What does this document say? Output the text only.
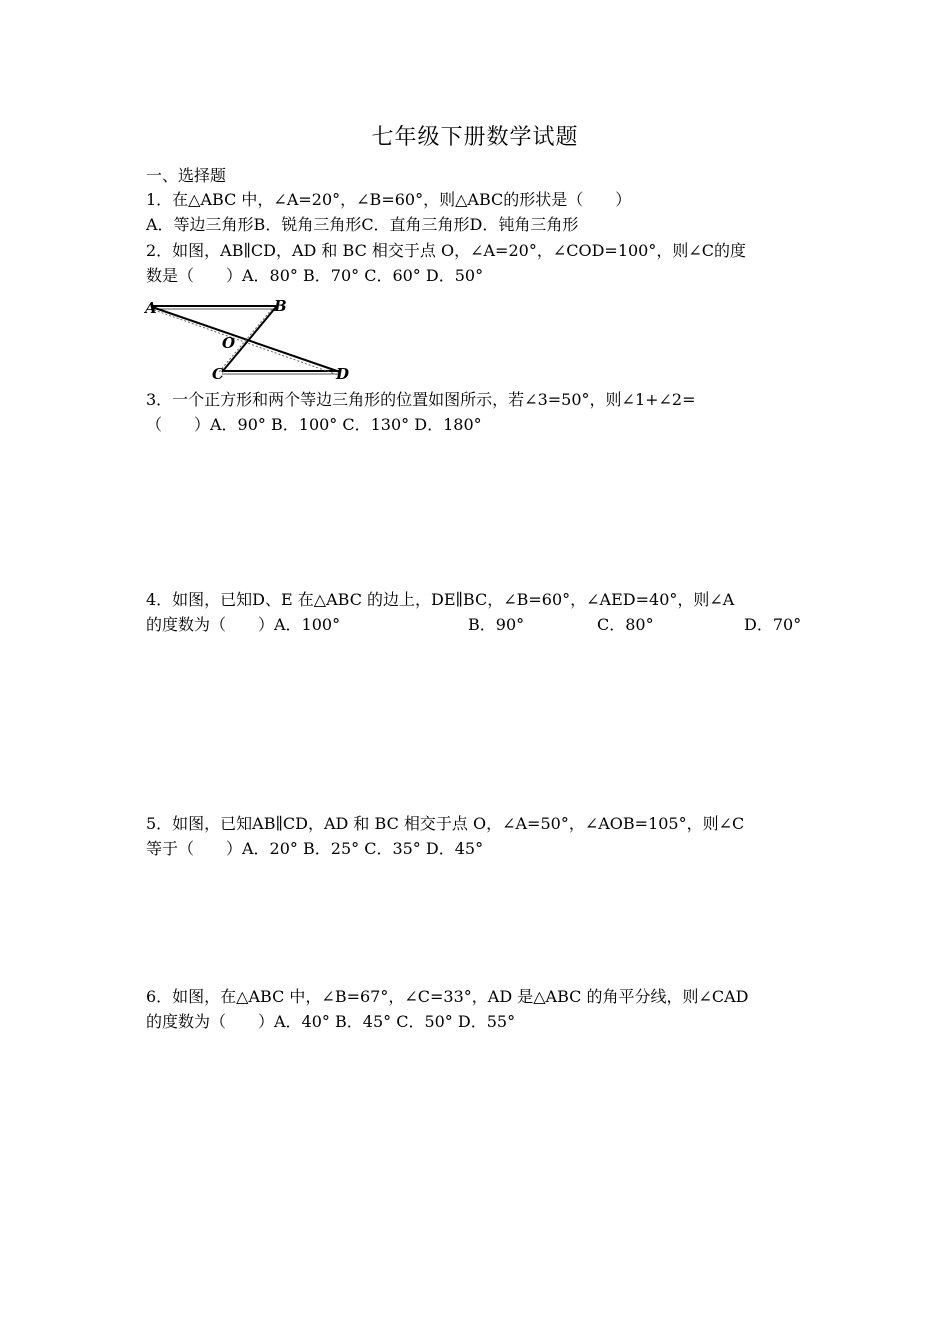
七年级下册数学试题
一、选择题
1．在△ABC 中，∠A=20°，∠B=60°，则△ABC的形状是（　　）
A．等边三角形B．锐角三角形C．直角三角形D．钝角三角形
2．如图，AB∥CD，AD 和 BC 相交于点 O，∠A=20°，∠COD=100°，则∠C的度
数是（　　）A．80° B．70° C．60° D．50°
A	B
O
C	D
3．一个正方形和两个等边三角形的位置如图所示，若∠3=50°，则∠1+∠2=
（　　）A．90° B．100° C．130° D．180°
4．如图，已知D、E 在△ABC 的边上，DE∥BC，∠B=60°，∠AED=40°，则∠A
的度数为（　　）A．100°	B．90°	C．80°	D．70°
5．如图，已知AB∥CD，AD 和 BC 相交于点 O，∠A=50°，∠AOB=105°，则∠C
等于（　　）A．20° B．25° C．35° D．45°
6．如图，在△ABC 中，∠B=67°，∠C=33°，AD 是△ABC 的角平分线，则∠CAD
的度数为（　　）A．40° B．45° C．50° D．55°
